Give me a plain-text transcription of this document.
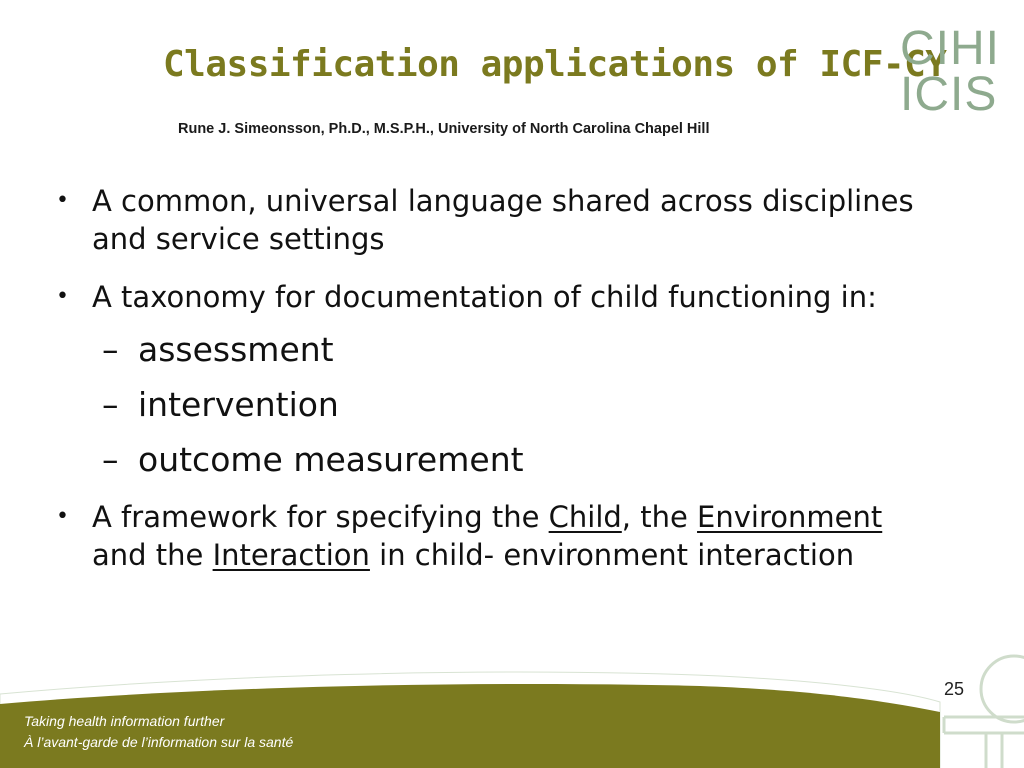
Classification applications of ICF-CY
Rune J. Simeonsson, Ph.D., M.S.P.H., University of North Carolina Chapel Hill
CIHI
ICIS
• A common, universal language shared across disciplines
and service settings
• A taxonomy for documentation of child functioning in:
– assessment
– intervention
– outcome measurement
• A framework for specifying the Child, the Environment
and the Interaction in child- environment interaction
Taking health information further
À l’avant-garde de l’information sur la santé
25
